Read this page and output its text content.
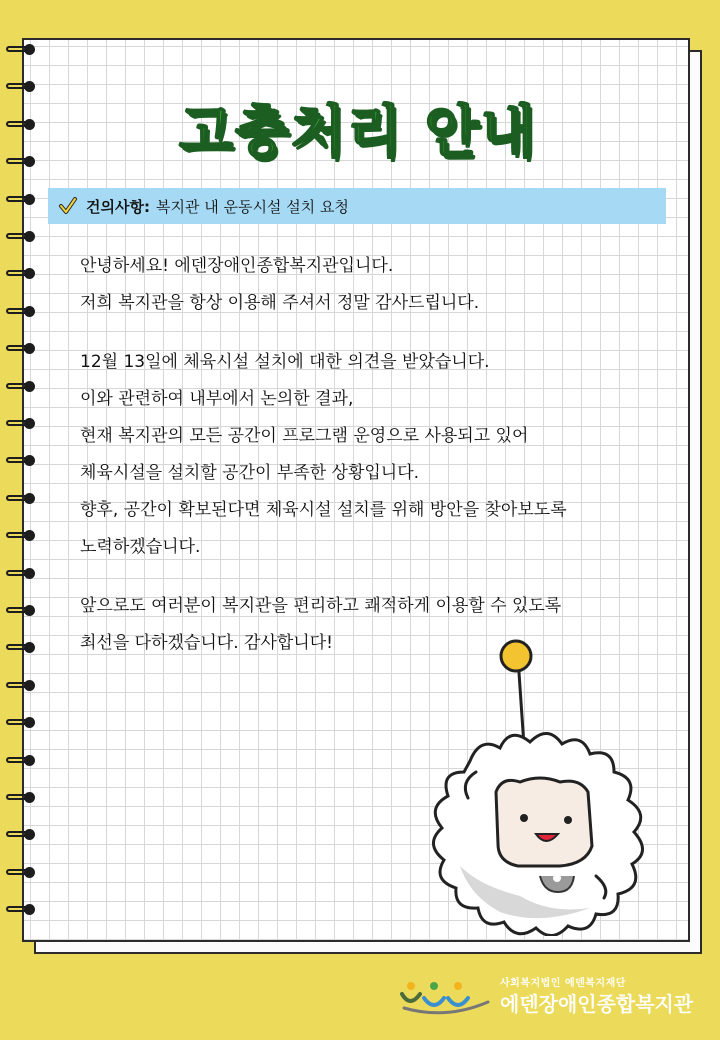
고충처리 안내
건의사항: 복지관 내 운동시설 설치 요청

안녕하세요! 에덴장애인종합복지관입니다.
저희 복지관을 항상 이용해 주셔서 정말 감사드립니다.

12월 13일에 체육시설 설치에 대한 의견을 받았습니다.
이와 관련하여 내부에서 논의한 결과,
현재 복지관의 모든 공간이 프로그램 운영으로 사용되고 있어
체육시설을 설치할 공간이 부족한 상황입니다.
향후, 공간이 확보된다면 체육시설 설치를 위해 방안을 찾아보도록
노력하겠습니다.

앞으로도 여러분이 복지관을 편리하고 쾌적하게 이용할 수 있도록
최선을 다하겠습니다. 감사합니다!

사회복지법인 에덴복지재단
에덴장애인종합복지관
